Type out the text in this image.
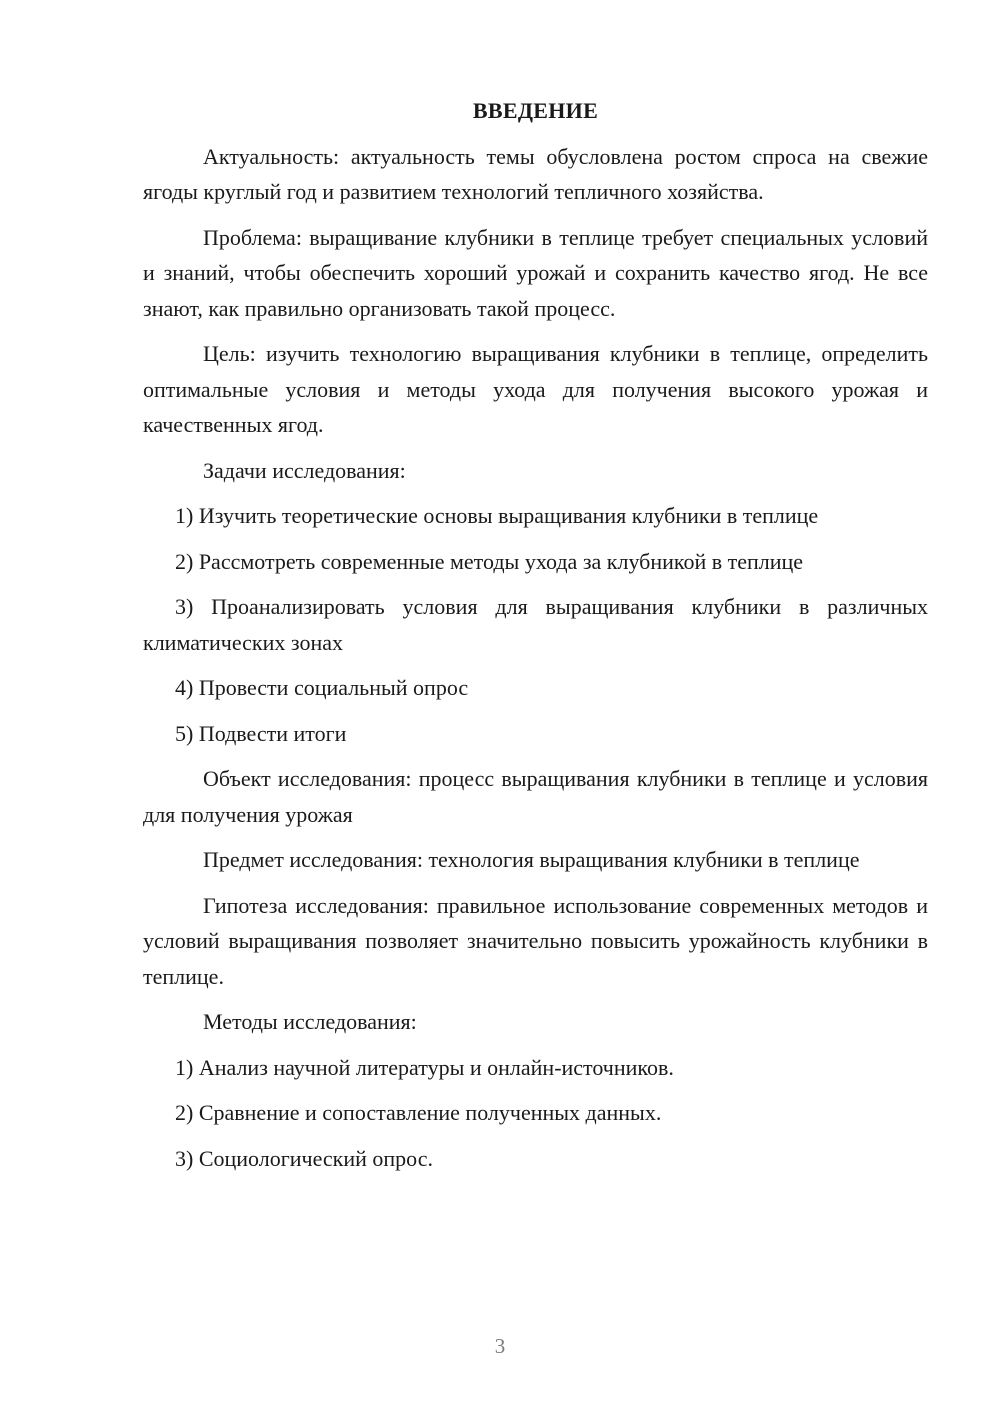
ВВЕДЕНИЕ

Актуальность: актуальность темы обусловлена ростом спроса на свежие ягоды круглый год и развитием технологий тепличного хозяйства.

Проблема: выращивание клубники в теплице требует специальных условий и знаний, чтобы обеспечить хороший урожай и сохранить качество ягод. Не все знают, как правильно организовать такой процесс.

Цель: изучить технологию выращивания клубники в теплице, определить оптимальные условия и методы ухода для получения высокого урожая и качественных ягод.

Задачи исследования:

1) Изучить теоретические основы выращивания клубники в теплице

2) Рассмотреть современные методы ухода за клубникой в теплице

3) Проанализировать условия для выращивания клубники в различных климатических зонах

4) Провести социальный опрос

5) Подвести итоги

Объект исследования: процесс выращивания клубники в теплице и условия для получения урожая

Предмет исследования: технология выращивания клубники в теплице

Гипотеза исследования: правильное использование современных методов и условий выращивания позволяет значительно повысить урожайность клубники в теплице.

Методы исследования:

1) Анализ научной литературы и онлайн-источников.

2) Сравнение и сопоставление полученных данных.

3) Социологический опрос.

3
